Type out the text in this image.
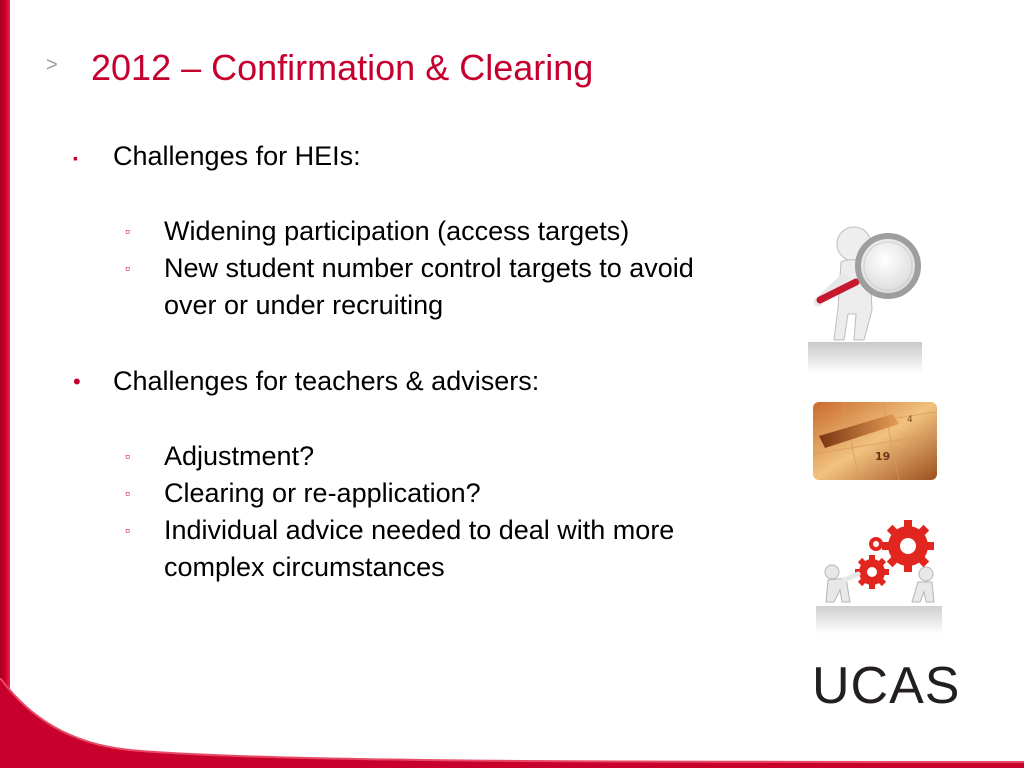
> 2012 – Confirmation & Clearing
▪ Challenges for HEIs:
▫ Widening participation (access targets)
▫ New student number control targets to avoid
over or under recruiting
• Challenges for teachers & advisers:
▫ Adjustment?
▫ Clearing or re-application?
▫ Individual advice needed to deal with more
complex circumstances
19
4
UCAS
